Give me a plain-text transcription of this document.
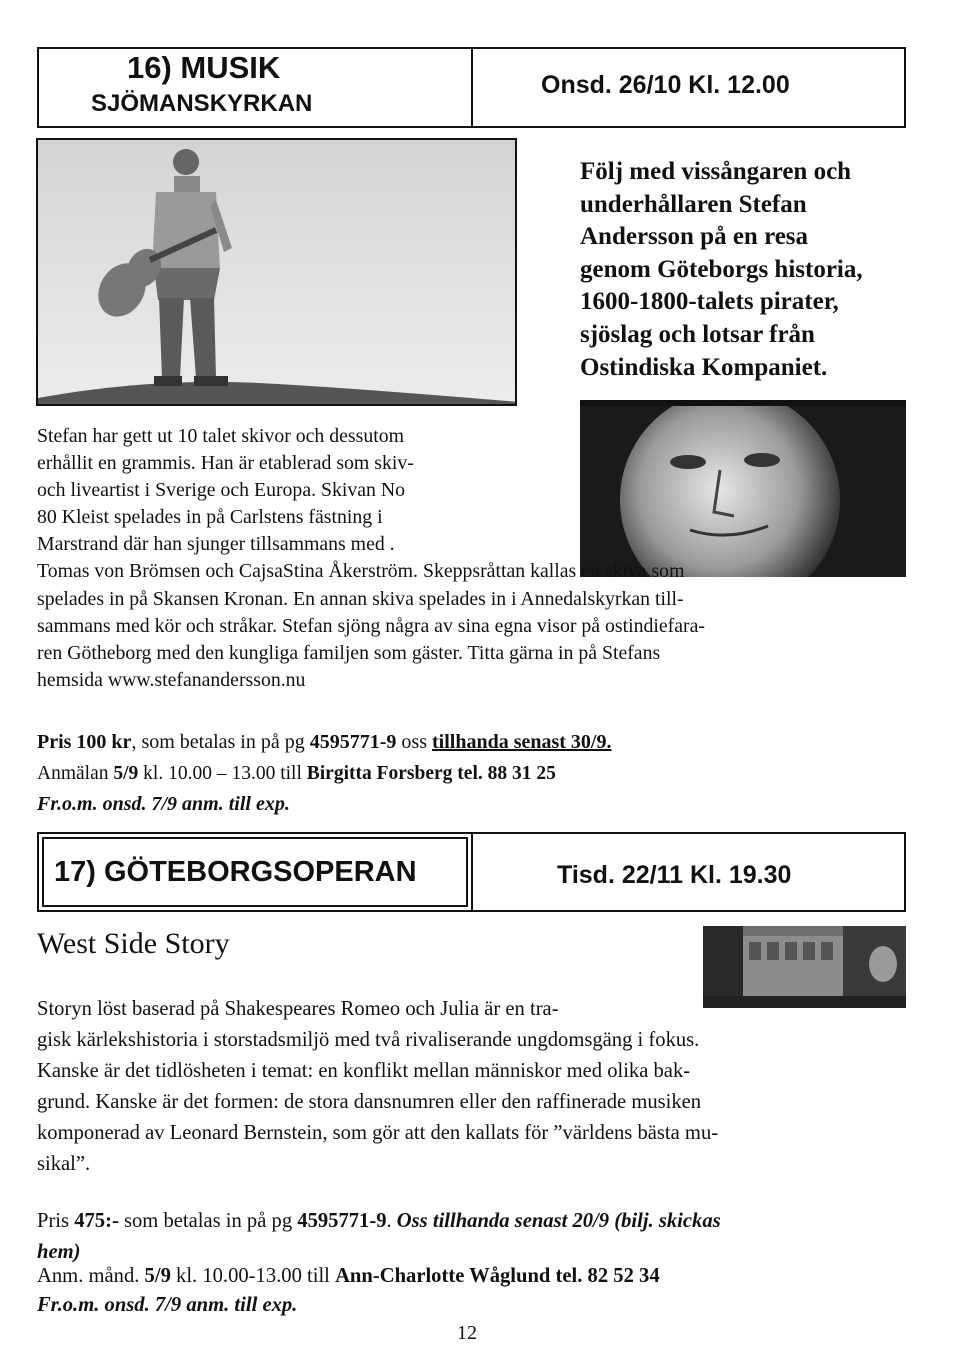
16) MUSIK
SJÖMANSKYRKAN
Onsd. 26/10 Kl. 12.00
Följ med vissångaren och
underhållaren Stefan
Andersson på en resa
genom Göteborgs historia,
1600-1800-talets pirater,
sjöslag och lotsar från
Ostindiska Kompaniet.
Stefan har gett ut 10 talet skivor och dessutom
erhållit en grammis. Han är etablerad som skiv-
och liveartist i Sverige och Europa. Skivan No
80 Kleist spelades in på Carlstens fästning i
Marstrand där han sjunger tillsammans med .
Tomas von Brömsen och CajsaStina Åkerström. Skeppsråttan kallas en skiva som
spelades in på Skansen Kronan. En annan skiva spelades in i Annedalskyrkan till-
sammans med kör och stråkar. Stefan sjöng några av sina egna visor på ostindiefara-
ren Götheborg med den kungliga familjen som gäster. Titta gärna in på Stefans
hemsida www.stefanandersson.nu
Pris 100 kr, som betalas in på pg 4595771-9 oss tillhanda senast 30/9.
Anmälan 5/9 kl. 10.00 – 13.00 till Birgitta Forsberg tel. 88 31 25
Fr.o.m. onsd. 7/9 anm. till exp.
17) GÖTEBORGSOPERAN	Tisd. 22/11 Kl. 19.30
West Side Story
Storyn löst baserad på Shakespeares Romeo och Julia är en tra-
gisk kärlekshistoria i storstadsmiljö med två rivaliserande ungdomsgäng i fokus.
Kanske är det tidlösheten i temat: en konflikt mellan människor med olika bak-
grund. Kanske är det formen: de stora dansnumren eller den raffinerade musiken
komponerad av Leonard Bernstein, som gör att den kallats för ”världens bästa mu-
sikal”.
Pris 475:- som betalas in på pg 4595771-9. Oss tillhanda senast 20/9 (bilj. skickas
hem)
Anm. månd. 5/9 kl. 10.00-13.00 till Ann-Charlotte Wåglund tel. 82 52 34
Fr.o.m. onsd. 7/9 anm. till exp.
12
